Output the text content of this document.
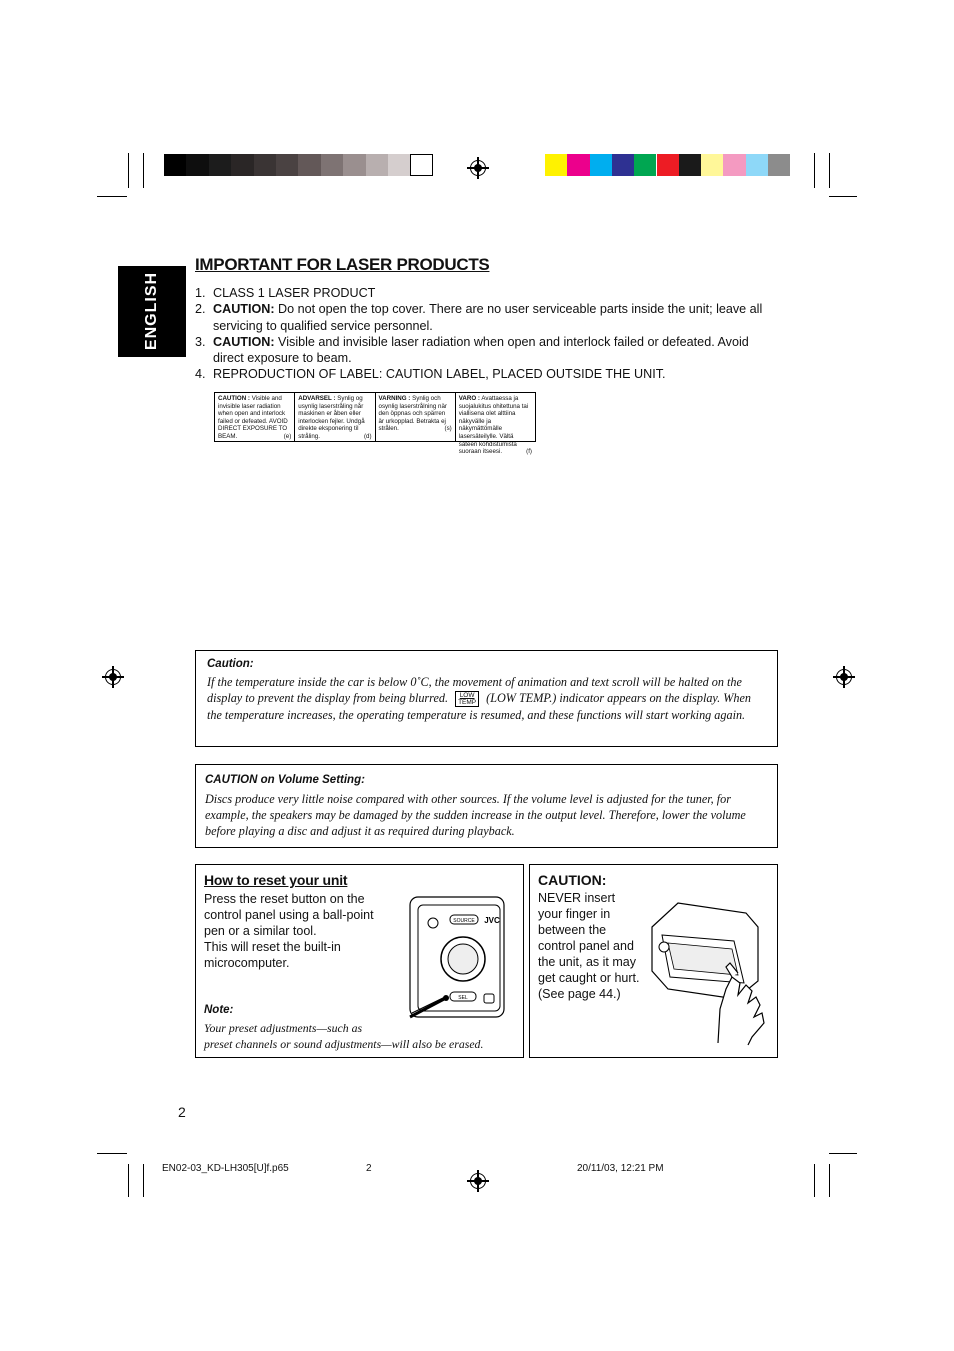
ENGLISH
IMPORTANT FOR LASER PRODUCTS
1. CLASS 1 LASER PRODUCT
2. CAUTION: Do not open the top cover. There are no user serviceable parts inside the unit; leave all servicing to qualified service personnel.
3. CAUTION: Visible and invisible laser radiation when open and interlock failed or defeated. Avoid direct exposure to beam.
4. REPRODUCTION OF LABEL: CAUTION LABEL, PLACED OUTSIDE THE UNIT.
CAUTION : Visible and invisible laser radiation when open and interlock failed or defeated. AVOID DIRECT EXPOSURE TO BEAM.	(e)
ADVARSEL : Synlig og usynlig laserstråling når maskinen er åben eller interlocken fejler. Undgå direkte eksponering til stråling.	(d)
VARNING : Synlig och osynlig laserstrålning när den öppnas och spärren är urkopplad. Betrakta ej strålen.	(s)
VARO : Avattaessa ja suojalukitus ohitettuna tai viallisena olet alttiina näkyvälle ja näkymättömälle lasersäteilylle. Vältä säteen kohdistumista suoraan itseesi.	(f)
Caution:
If the temperature inside the car is below 0˚C, the movement of animation and text scroll will be halted on the display to prevent the display from being blurred. LOW
TEMP (LOW TEMP.) indicator appears on the display. When the temperature increases, the operating temperature is resumed, and these functions will start working again.
CAUTION on Volume Setting:
Discs produce very little noise compared with other sources. If the volume level is adjusted for the tuner, for example, the speakers may be damaged by the sudden increase in the output level. Therefore, lower the volume before playing a disc and adjust it as required during playback.
How to reset your unit
Press the reset button on the control panel using a ball-point pen or a similar tool.
This will reset the built-in microcomputer.
Note:
Your preset adjustments—such as
preset channels or sound adjustments—will also be erased.
SOURCE JVC
SEL
CAUTION:
NEVER insert your finger in between the control panel and the unit, as it may get caught or hurt.
(See page 44.)
2
EN02-03_KD-LH305[U]f.p65	2	20/11/03, 12:21 PM
